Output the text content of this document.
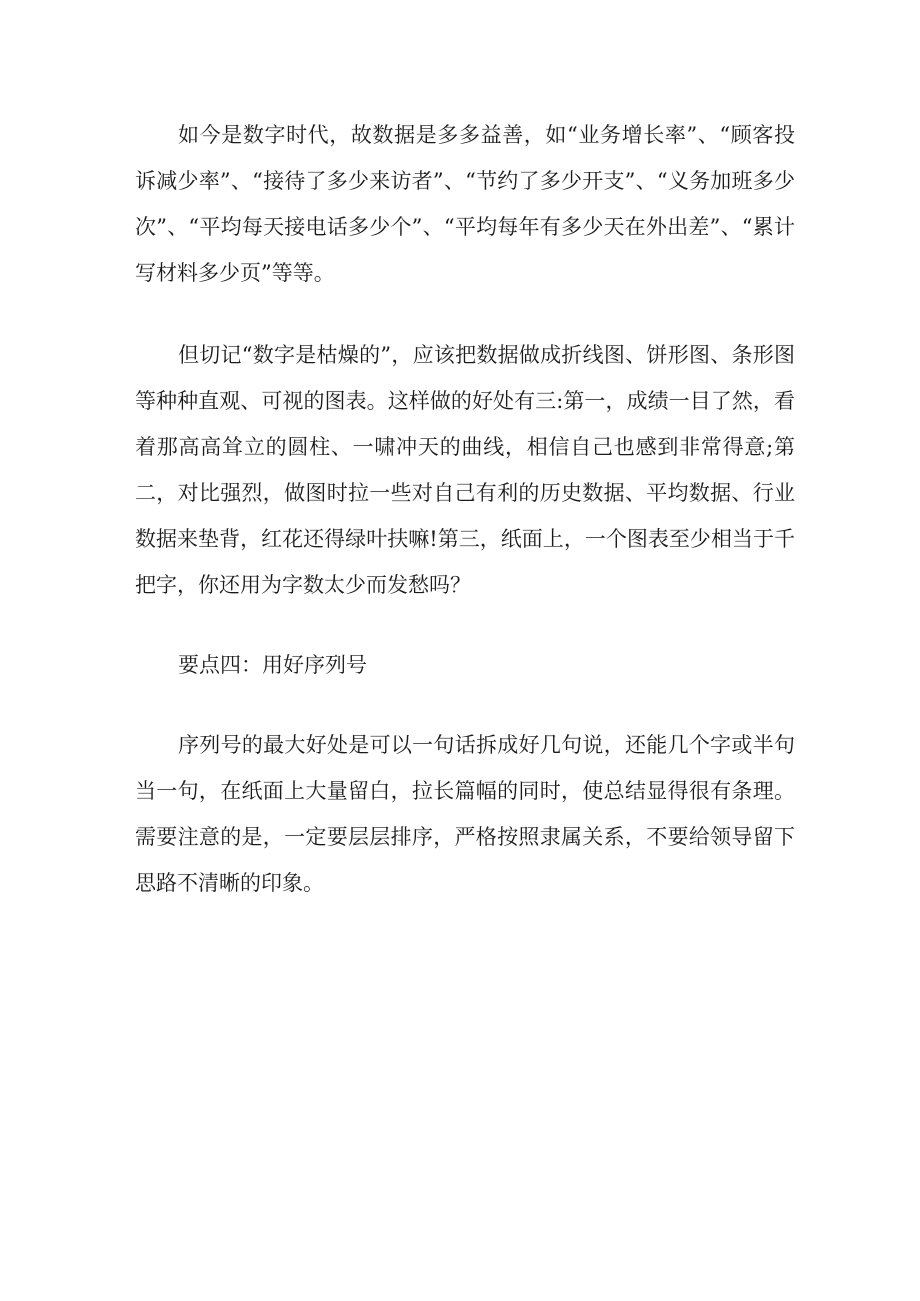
如今是数字时代，故数据是多多益善，如“业务增长率”、“顾客投诉减少率”、“接待了多少来访者”、“节约了多少开支”、“义务加班多少次”、“平均每天接电话多少个”、“平均每年有多少天在外出差”、“累计写材料多少页”等等。

但切记“数字是枯燥的”，应该把数据做成折线图、饼形图、条形图等种种直观、可视的图表。这样做的好处有三:第一，成绩一目了然，看着那高高耸立的圆柱、一啸冲天的曲线，相信自己也感到非常得意;第二，对比强烈，做图时拉一些对自己有利的历史数据、平均数据、行业数据来垫背，红花还得绿叶扶嘛!第三，纸面上，一个图表至少相当于千把字，你还用为字数太少而发愁吗？

要点四：用好序列号

序列号的最大好处是可以一句话拆成好几句说，还能几个字或半句当一句，在纸面上大量留白，拉长篇幅的同时，使总结显得很有条理。需要注意的是，一定要层层排序，严格按照隶属关系，不要给领导留下思路不清晰的印象。
